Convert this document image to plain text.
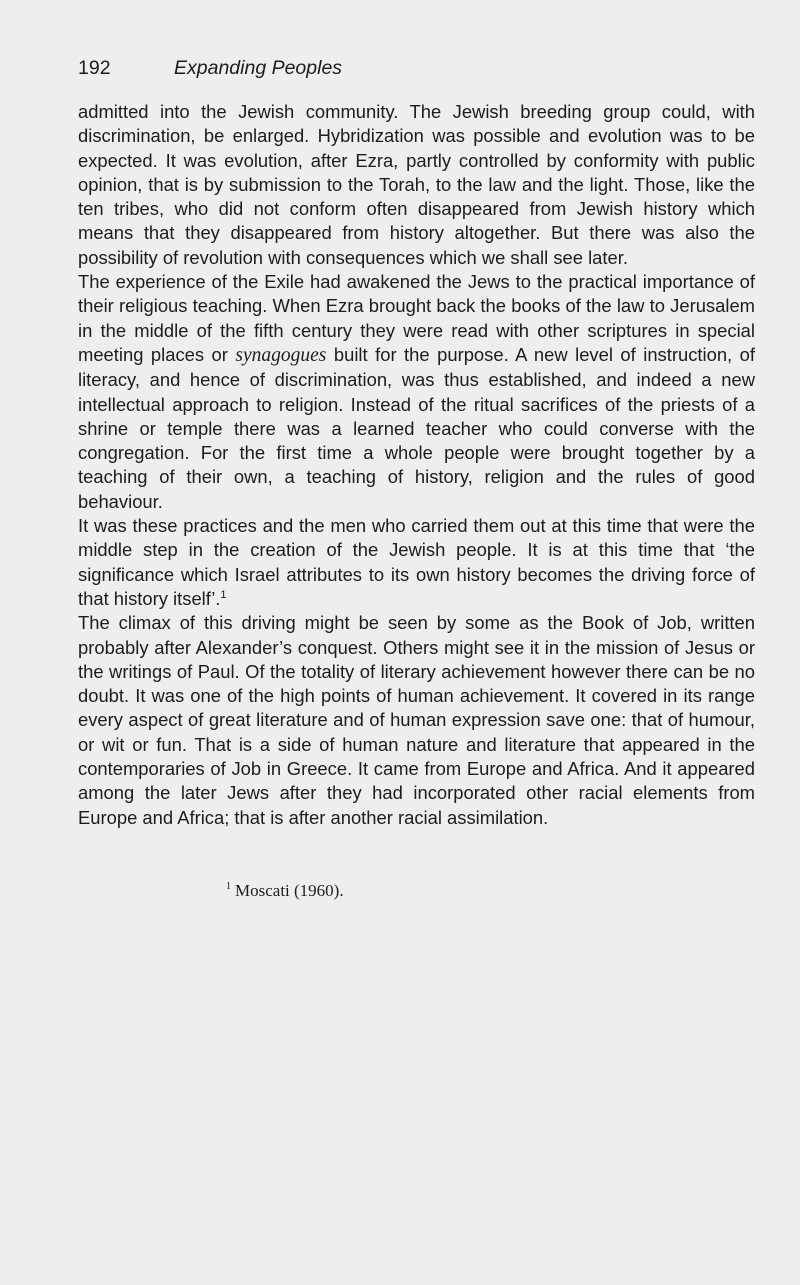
192	Expanding Peoples

admitted into the Jewish community. The Jewish breeding group could, with discrimination, be enlarged. Hybridization was possible and evolution was to be expected. It was evolution, after Ezra, partly controlled by conformity with public opinion, that is by submission to the Torah, to the law and the light. Those, like the ten tribes, who did not conform often disappeared from Jewish history which means that they disappeared from history altogether. But there was also the possibility of revolution with consequences which we shall see later.

The experience of the Exile had awakened the Jews to the practical importance of their religious teaching. When Ezra brought back the books of the law to Jerusalem in the middle of the fifth century they were read with other scriptures in special meeting places or synagogues built for the purpose. A new level of instruction, of literacy, and hence of discrimination, was thus established, and indeed a new intellectual approach to religion. Instead of the ritual sacrifices of the priests of a shrine or temple there was a learned teacher who could converse with the congregation. For the first time a whole people were brought together by a teaching of their own, a teaching of history, religion and the rules of good behaviour.

It was these practices and the men who carried them out at this time that were the middle step in the creation of the Jewish people. It is at this time that ‘the significance which Israel attributes to its own history becomes the driving force of that history itself’.$^1$

The climax of this driving might be seen by some as the Book of Job, written probably after Alexander’s conquest. Others might see it in the mission of Jesus or the writings of Paul. Of the totality of literary achievement however there can be no doubt. It was one of the high points of human achievement. It covered in its range every aspect of great literature and of human expression save one: that of humour, or wit or fun. That is a side of human nature and literature that appeared in the contemporaries of Job in Greece. It came from Europe and Africa. And it appeared among the later Jews after they had incorporated other racial elements from Europe and Africa; that is after another racial assimilation.

$^1$ Moscati (1960).
